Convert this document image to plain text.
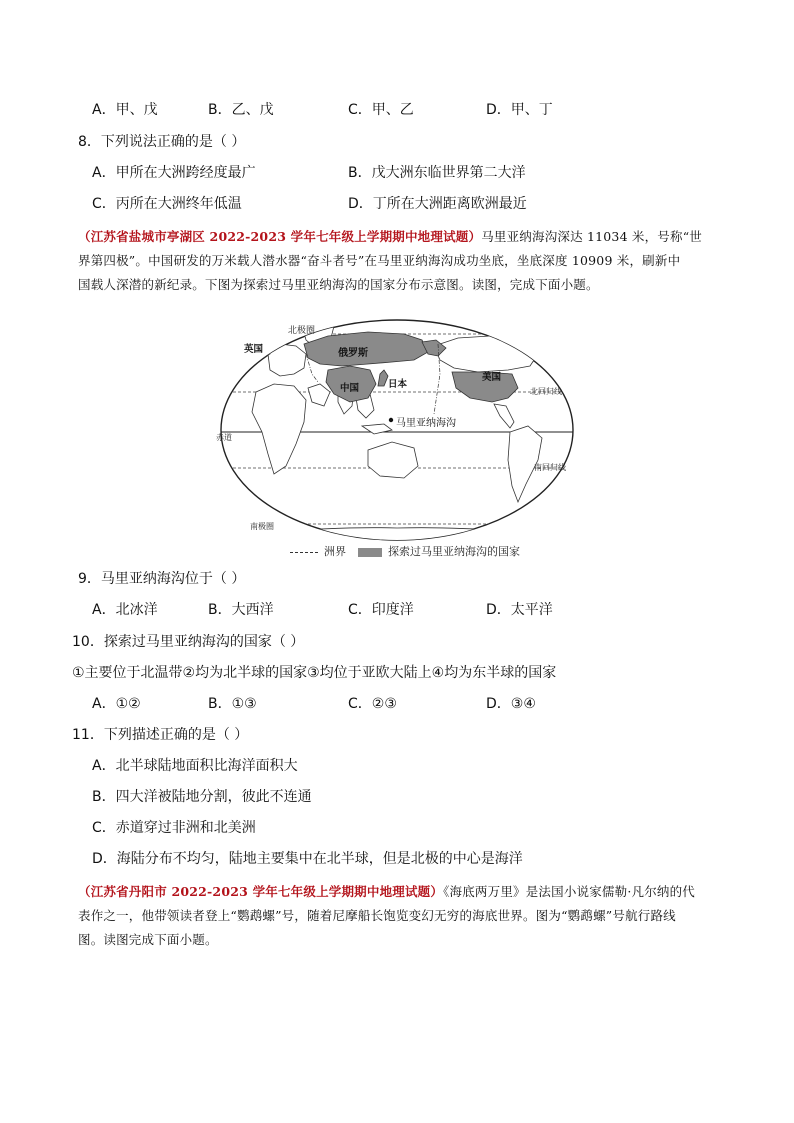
A．甲、戊	B．乙、戊	C．甲、乙	D．甲、丁
8．下列说法正确的是（ ）
A．甲所在大洲跨经度最广	B．戊大洲东临世界第二大洋
C．丙所在大洲终年低温	D．丁所在大洲距离欧洲最近
（江苏省盐城市亭湖区 2022-2023 学年七年级上学期期中地理试题）马里亚纳海沟深达 11034 米，号称“世
界第四极”。中国研发的万米载人潜水器“奋斗者号”在马里亚纳海沟成功坐底，坐底深度 10909 米，刷新中
国载人深潜的新纪录。下图为探索过马里亚纳海沟的国家分布示意图。读图，完成下面小题。
北极圈
北回归线
赤道
南回归线
南极圈
英国	俄罗斯
中国	日本
美国
马里亚纳海沟
洲界	探索过马里亚纳海沟的国家
9．马里亚纳海沟位于（ ）
A．北冰洋	B．大西洋	C．印度洋	D．太平洋
10．探索过马里亚纳海沟的国家（ ）
①主要位于北温带②均为北半球的国家③均位于亚欧大陆上④均为东半球的国家
A．①②	B．①③	C．②③	D．③④
11．下列描述正确的是（ ）
A．北半球陆地面积比海洋面积大
B．四大洋被陆地分割，彼此不连通
C．赤道穿过非洲和北美洲
D．海陆分布不均匀，陆地主要集中在北半球，但是北极的中心是海洋
（江苏省丹阳市 2022-2023 学年七年级上学期期中地理试题）《海底两万里》是法国小说家儒勒·凡尔纳的代
表作之一，他带领读者登上“鹦鹉螺”号，随着尼摩船长饱览变幻无穷的海底世界。图为“鹦鹉螺”号航行路线
图。读图完成下面小题。
